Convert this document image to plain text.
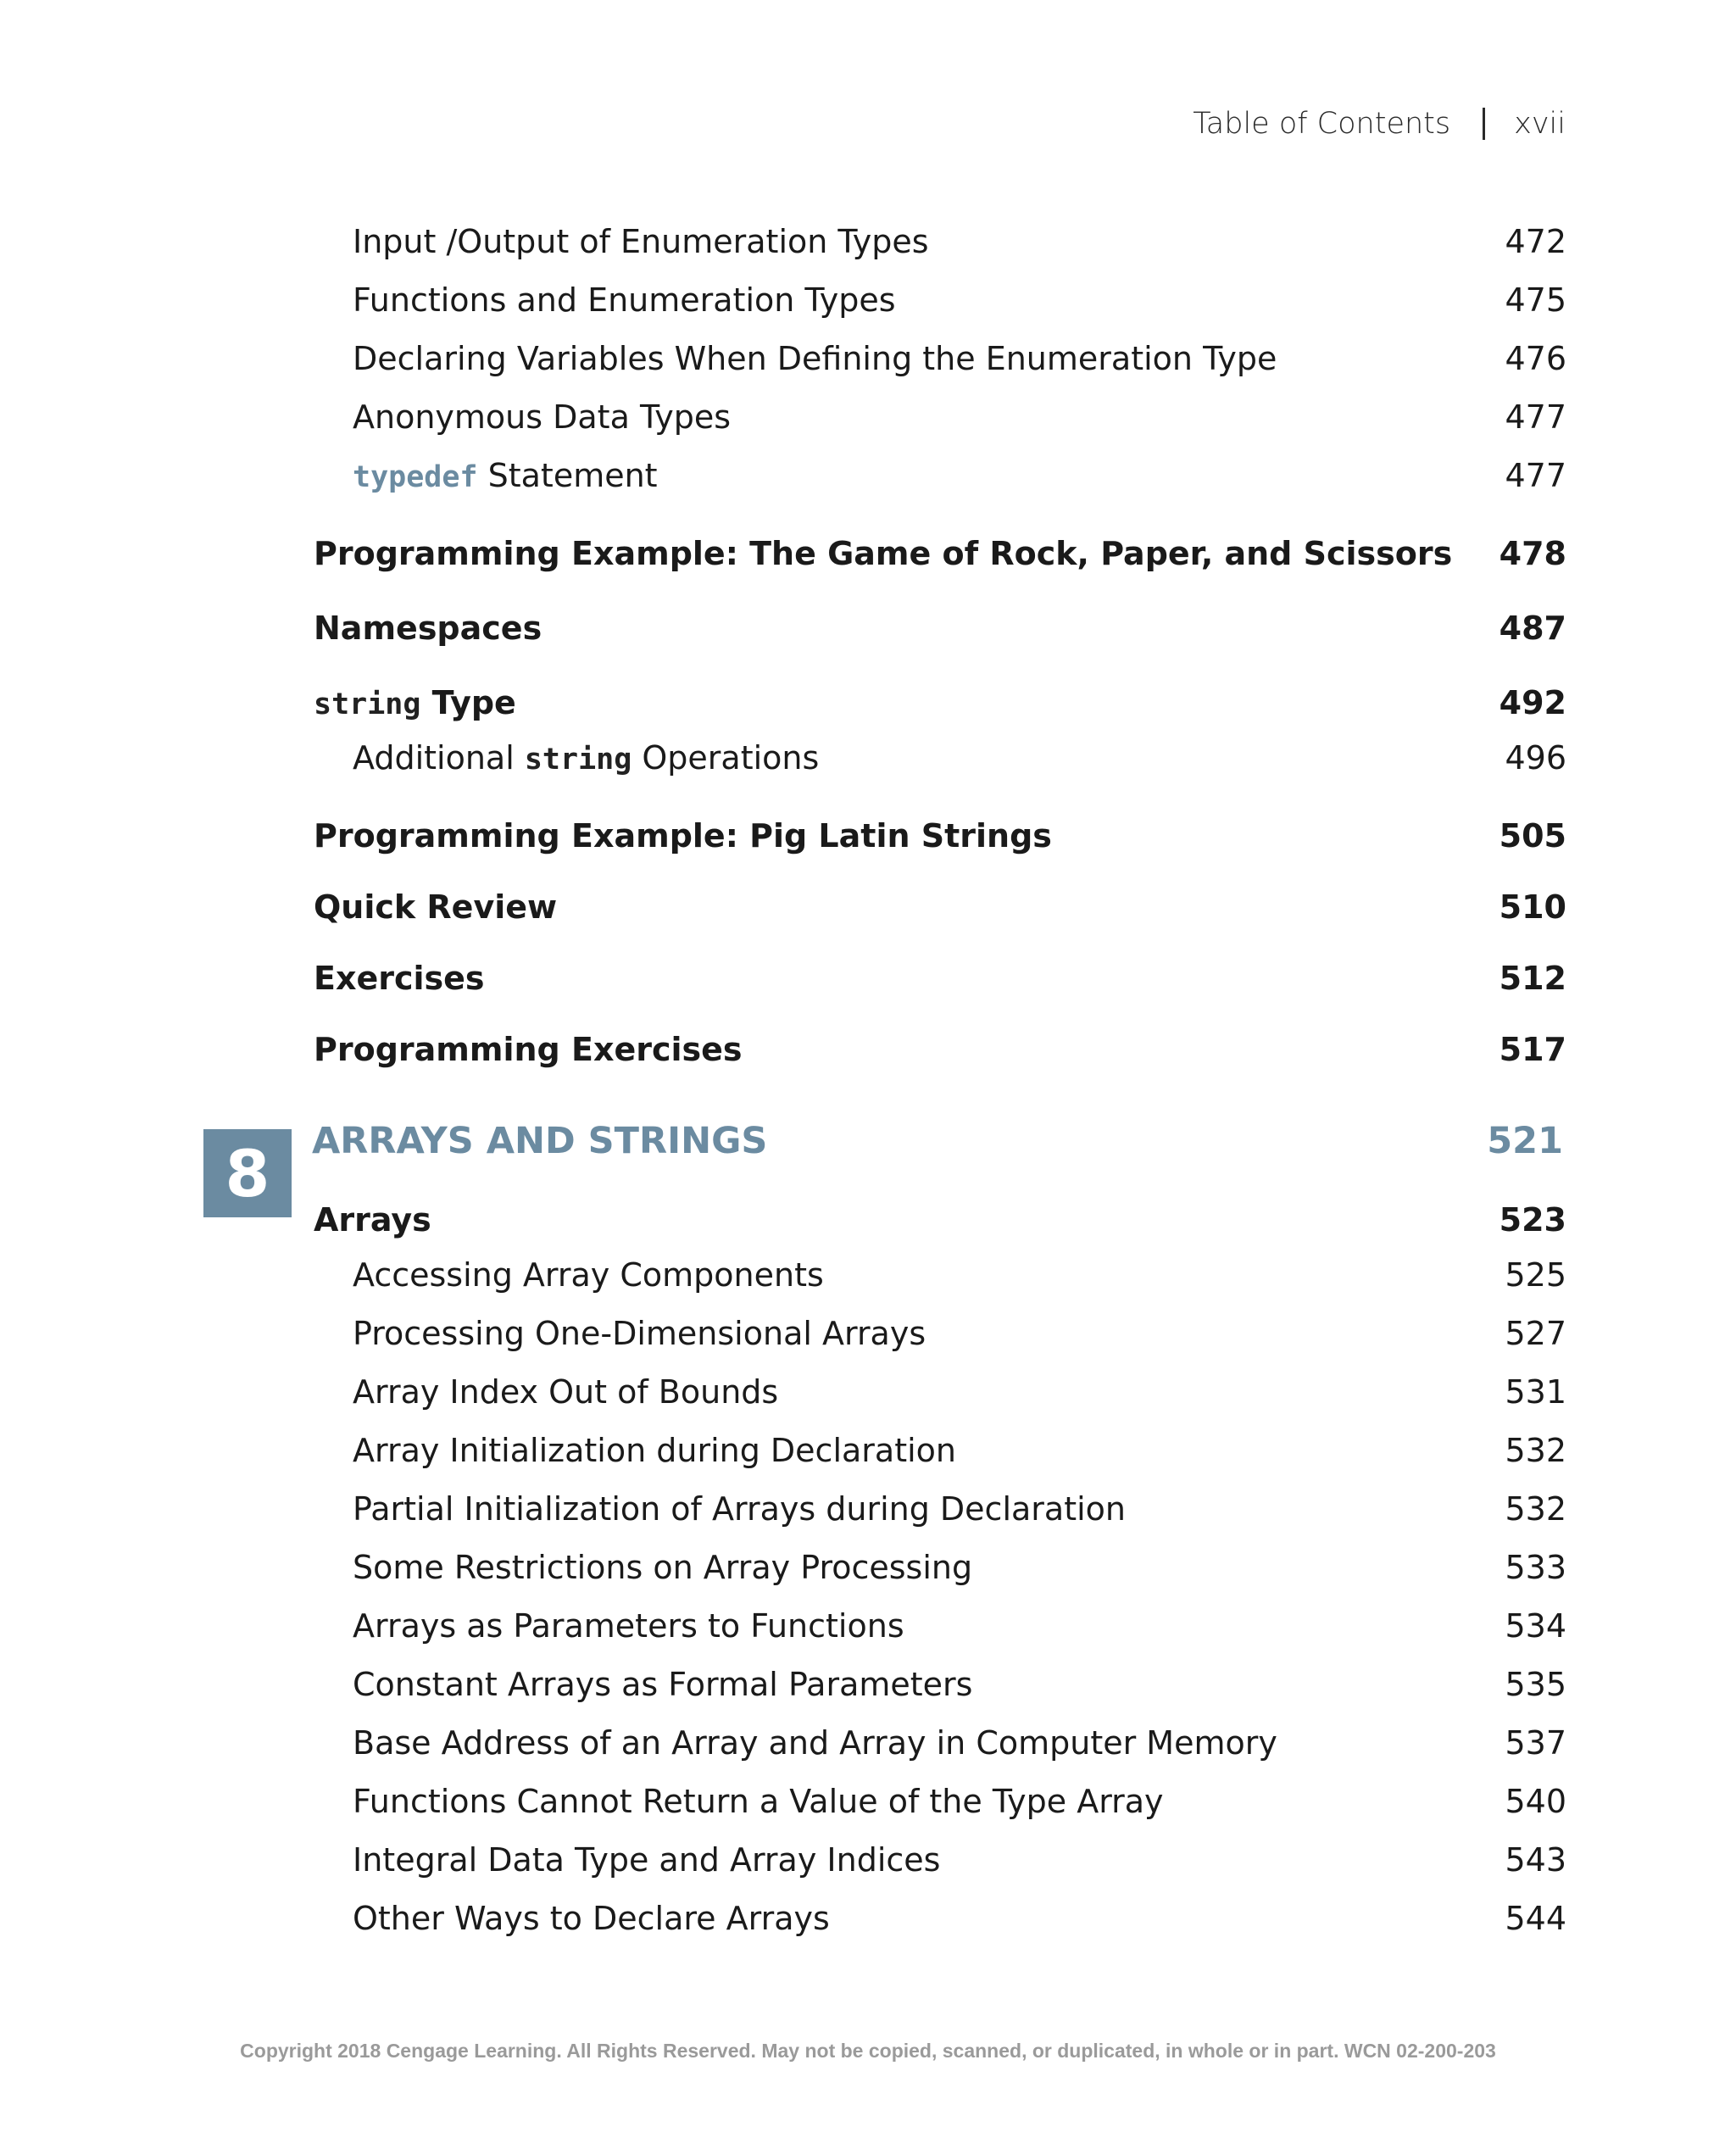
Table of Contents xvii
Input /Output of Enumeration Types	472
Functions and Enumeration Types	475
Declaring Variables When Defining the Enumeration Type	476
Anonymous Data Types	477
typedef Statement	477
Programming Example: The Game of Rock, Paper, and Scissors 478
Namespaces	487
string Type	492
Additional string Operations	496
Programming Example: Pig Latin Strings	505
Quick Review	510
Exercises	512
Programming Exercises	517
8	ARRAYS AND STRINGS	521
Arrays	523
Accessing Array Components	525
Processing One-Dimensional Arrays	527
Array Index Out of Bounds	531
Array Initialization during Declaration	532
Partial Initialization of Arrays during Declaration	532
Some Restrictions on Array Processing	533
Arrays as Parameters to Functions	534
Constant Arrays as Formal Parameters	535
Base Address of an Array and Array in Computer Memory	537
Functions Cannot Return a Value of the Type Array	540
Integral Data Type and Array Indices	543
Other Ways to Declare Arrays	544
Copyright 2018 Cengage Learning. All Rights Reserved. May not be copied, scanned, or duplicated, in whole or in part. WCN 02-200-203
